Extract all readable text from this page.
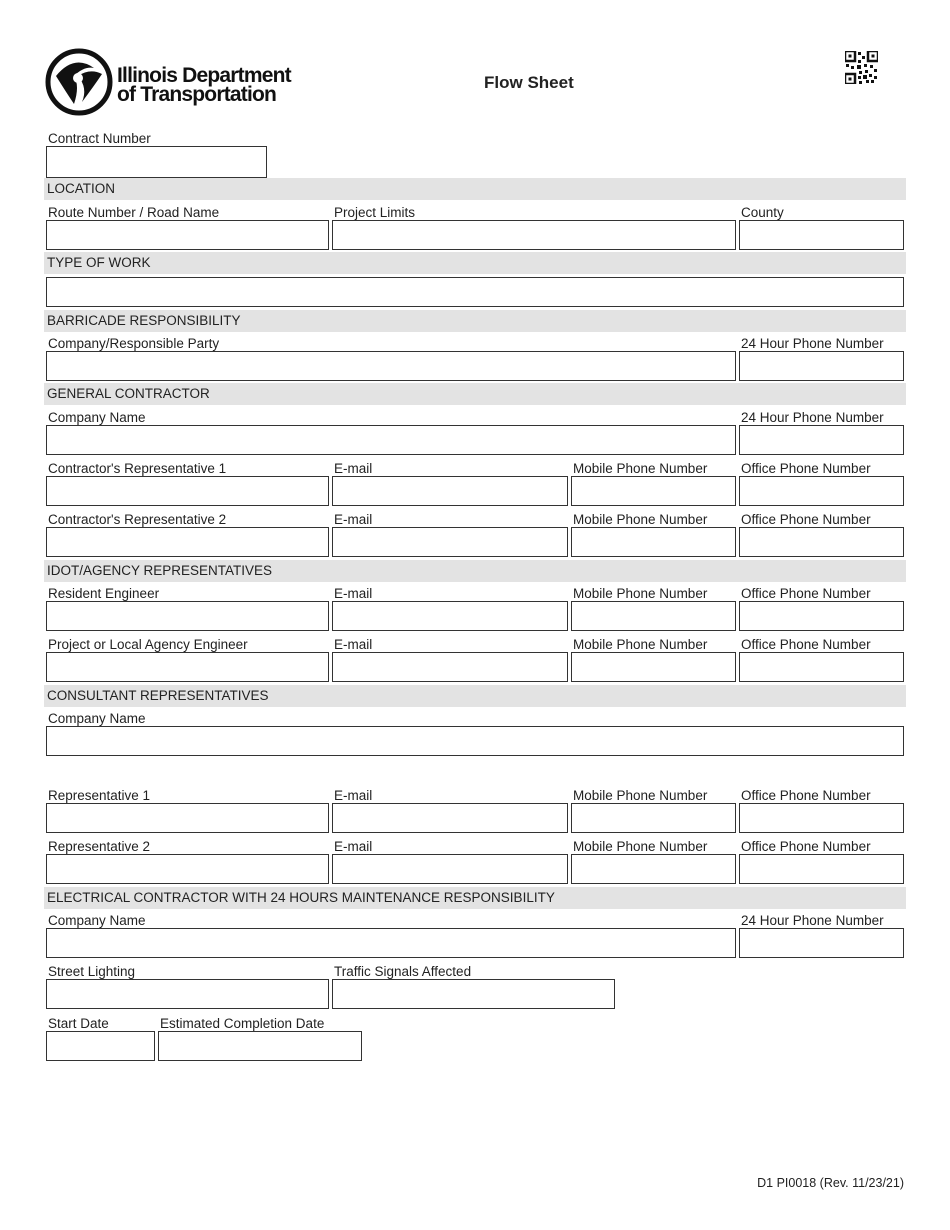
Illinois Department
of Transportation
Flow Sheet
Contract Number
LOCATION
Route Number / Road Name	Project Limits	County
TYPE OF WORK
BARRICADE RESPONSIBILITY
Company/Responsible Party	24 Hour Phone Number
GENERAL CONTRACTOR
Company Name	24 Hour Phone Number
Contractor's Representative 1	E-mail	Mobile Phone Number Office Phone Number
Contractor's Representative 2	E-mail	Mobile Phone Number Office Phone Number
IDOT/AGENCY REPRESENTATIVES
Resident Engineer	E-mail	Mobile Phone Number Office Phone Number
Project or Local Agency Engineer	E-mail	Mobile Phone Number Office Phone Number
CONSULTANT REPRESENTATIVES
Company Name
Representative 1	E-mail	Mobile Phone Number Office Phone Number
Representative 2	E-mail	Mobile Phone Number Office Phone Number
ELECTRICAL CONTRACTOR WITH 24 HOURS MAINTENANCE RESPONSIBILITY
Company Name	24 Hour Phone Number
Street Lighting	Traffic Signals Affected
Start Date	Estimated Completion Date
D1 PI0018 (Rev. 11/23/21)
